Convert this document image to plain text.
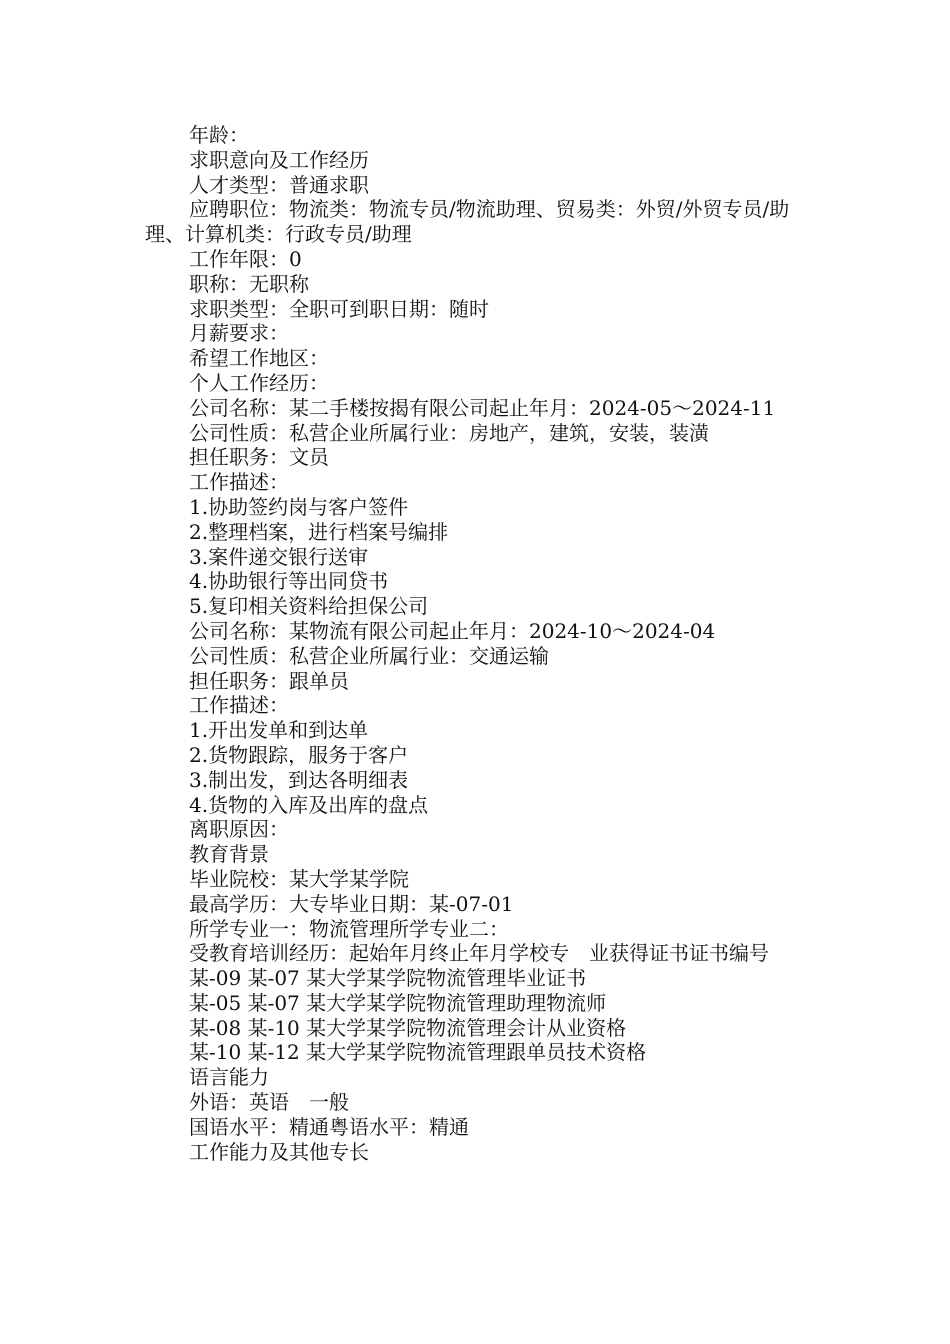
年龄：

求职意向及工作经历

人才类型：普通求职

应聘职位：物流类：物流专员/物流助理、贸易类：外贸/外贸专员/助理、计算机类：行政专员/助理

工作年限：0

职称：无职称

求职类型：全职可到职日期：随时

月薪要求：

希望工作地区：

个人工作经历：

公司名称：某二手楼按揭有限公司起止年月：2024-05～2024-11

公司性质：私营企业所属行业：房地产，建筑，安装，装潢

担任职务：文员

工作描述：

1.协助签约岗与客户签件

2.整理档案，进行档案号编排

3.案件递交银行送审

4.协助银行等出同贷书

5.复印相关资料给担保公司

公司名称：某物流有限公司起止年月：2024-10～2024-04

公司性质：私营企业所属行业：交通运输

担任职务：跟单员

工作描述：

1.开出发单和到达单

2.货物跟踪，服务于客户

3.制出发，到达各明细表

4.货物的入库及出库的盘点

离职原因：

教育背景

毕业院校：某大学某学院

最高学历：大专毕业日期：某-07-01

所学专业一：物流管理所学专业二：

受教育培训经历：起始年月终止年月学校专　业获得证书证书编号

某-09 某-07 某大学某学院物流管理毕业证书

某-05 某-07 某大学某学院物流管理助理物流师

某-08 某-10 某大学某学院物流管理会计从业资格

某-10 某-12 某大学某学院物流管理跟单员技术资格

语言能力

外语：英语　一般

国语水平：精通粤语水平：精通

工作能力及其他专长
